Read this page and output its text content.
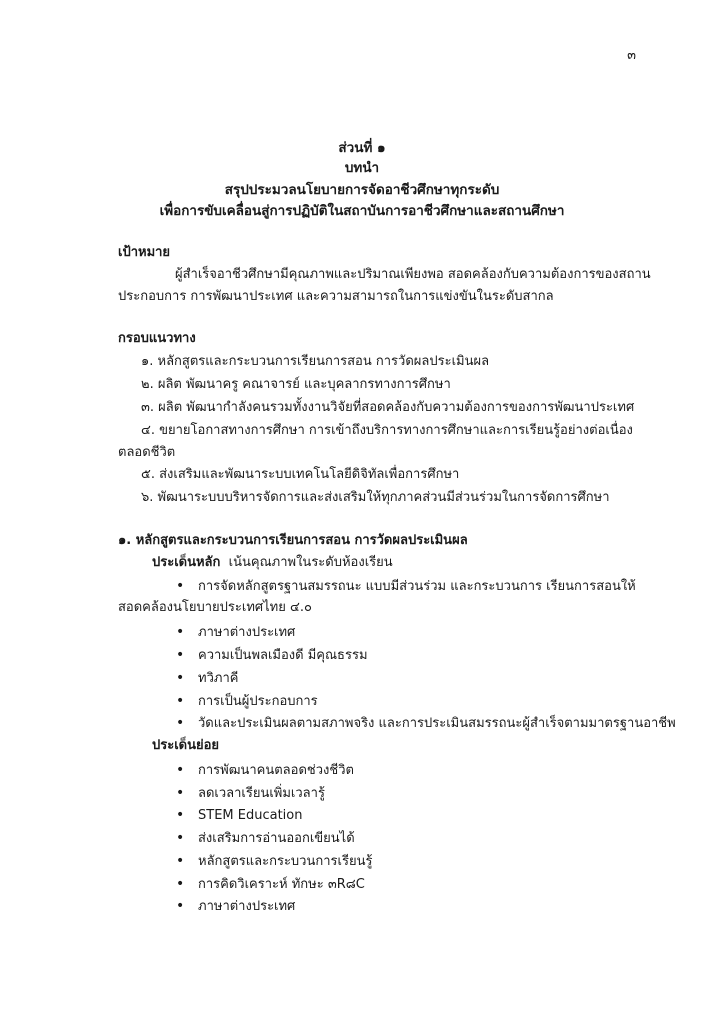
๓
ส่วนที่ ๑
บทนำ
สรุปประมวลนโยบายการจัดอาชีวศึกษาทุกระดับ
เพื่อการขับเคลื่อนสู่การปฏิบัติในสถาบันการอาชีวศึกษาและสถานศึกษา
เป้าหมาย
ผู้สำเร็จอาชีวศึกษามีคุณภาพและปริมาณเพียงพอ สอดคล้องกับความต้องการของสถาน
ประกอบการ การพัฒนาประเทศ และความสามารถในการแข่งขันในระดับสากล
กรอบแนวทาง
๑. หลักสูตรและกระบวนการเรียนการสอน การวัดผลประเมินผล
๒. ผลิต พัฒนาครู คณาจารย์ และบุคลากรทางการศึกษา
๓. ผลิต พัฒนากำลังคนรวมทั้งงานวิจัยที่สอดคล้องกับความต้องการของการพัฒนาประเทศ
๔. ขยายโอกาสทางการศึกษา การเข้าถึงบริการทางการศึกษาและการเรียนรู้อย่างต่อเนื่อง
ตลอดชีวิต
๕. ส่งเสริมและพัฒนาระบบเทคโนโลยีดิจิทัลเพื่อการศึกษา
๖. พัฒนาระบบบริหารจัดการและส่งเสริมให้ทุกภาคส่วนมีส่วนร่วมในการจัดการศึกษา
๑. หลักสูตรและกระบวนการเรียนการสอน การวัดผลประเมินผล
ประเด็นหลัก เน้นคุณภาพในระดับห้องเรียน
• การจัดหลักสูตรฐานสมรรถนะ แบบมีส่วนร่วม และกระบวนการ เรียนการสอนให้
สอดคล้องนโยบายประเทศไทย ๔.๐
• ภาษาต่างประเทศ
• ความเป็นพลเมืองดี มีคุณธรรม
• ทวิภาคี
• การเป็นผู้ประกอบการ
• วัดและประเมินผลตามสภาพจริง และการประเมินสมรรถนะผู้สำเร็จตามมาตรฐานอาชีพ
ประเด็นย่อย
• การพัฒนาคนตลอดช่วงชีวิต
• ลดเวลาเรียนเพิ่มเวลารู้
• STEM Education
• ส่งเสริมการอ่านออกเขียนได้
• หลักสูตรและกระบวนการเรียนรู้
• การคิดวิเคราะห์ ทักษะ ๓R๘C
• ภาษาต่างประเทศ
